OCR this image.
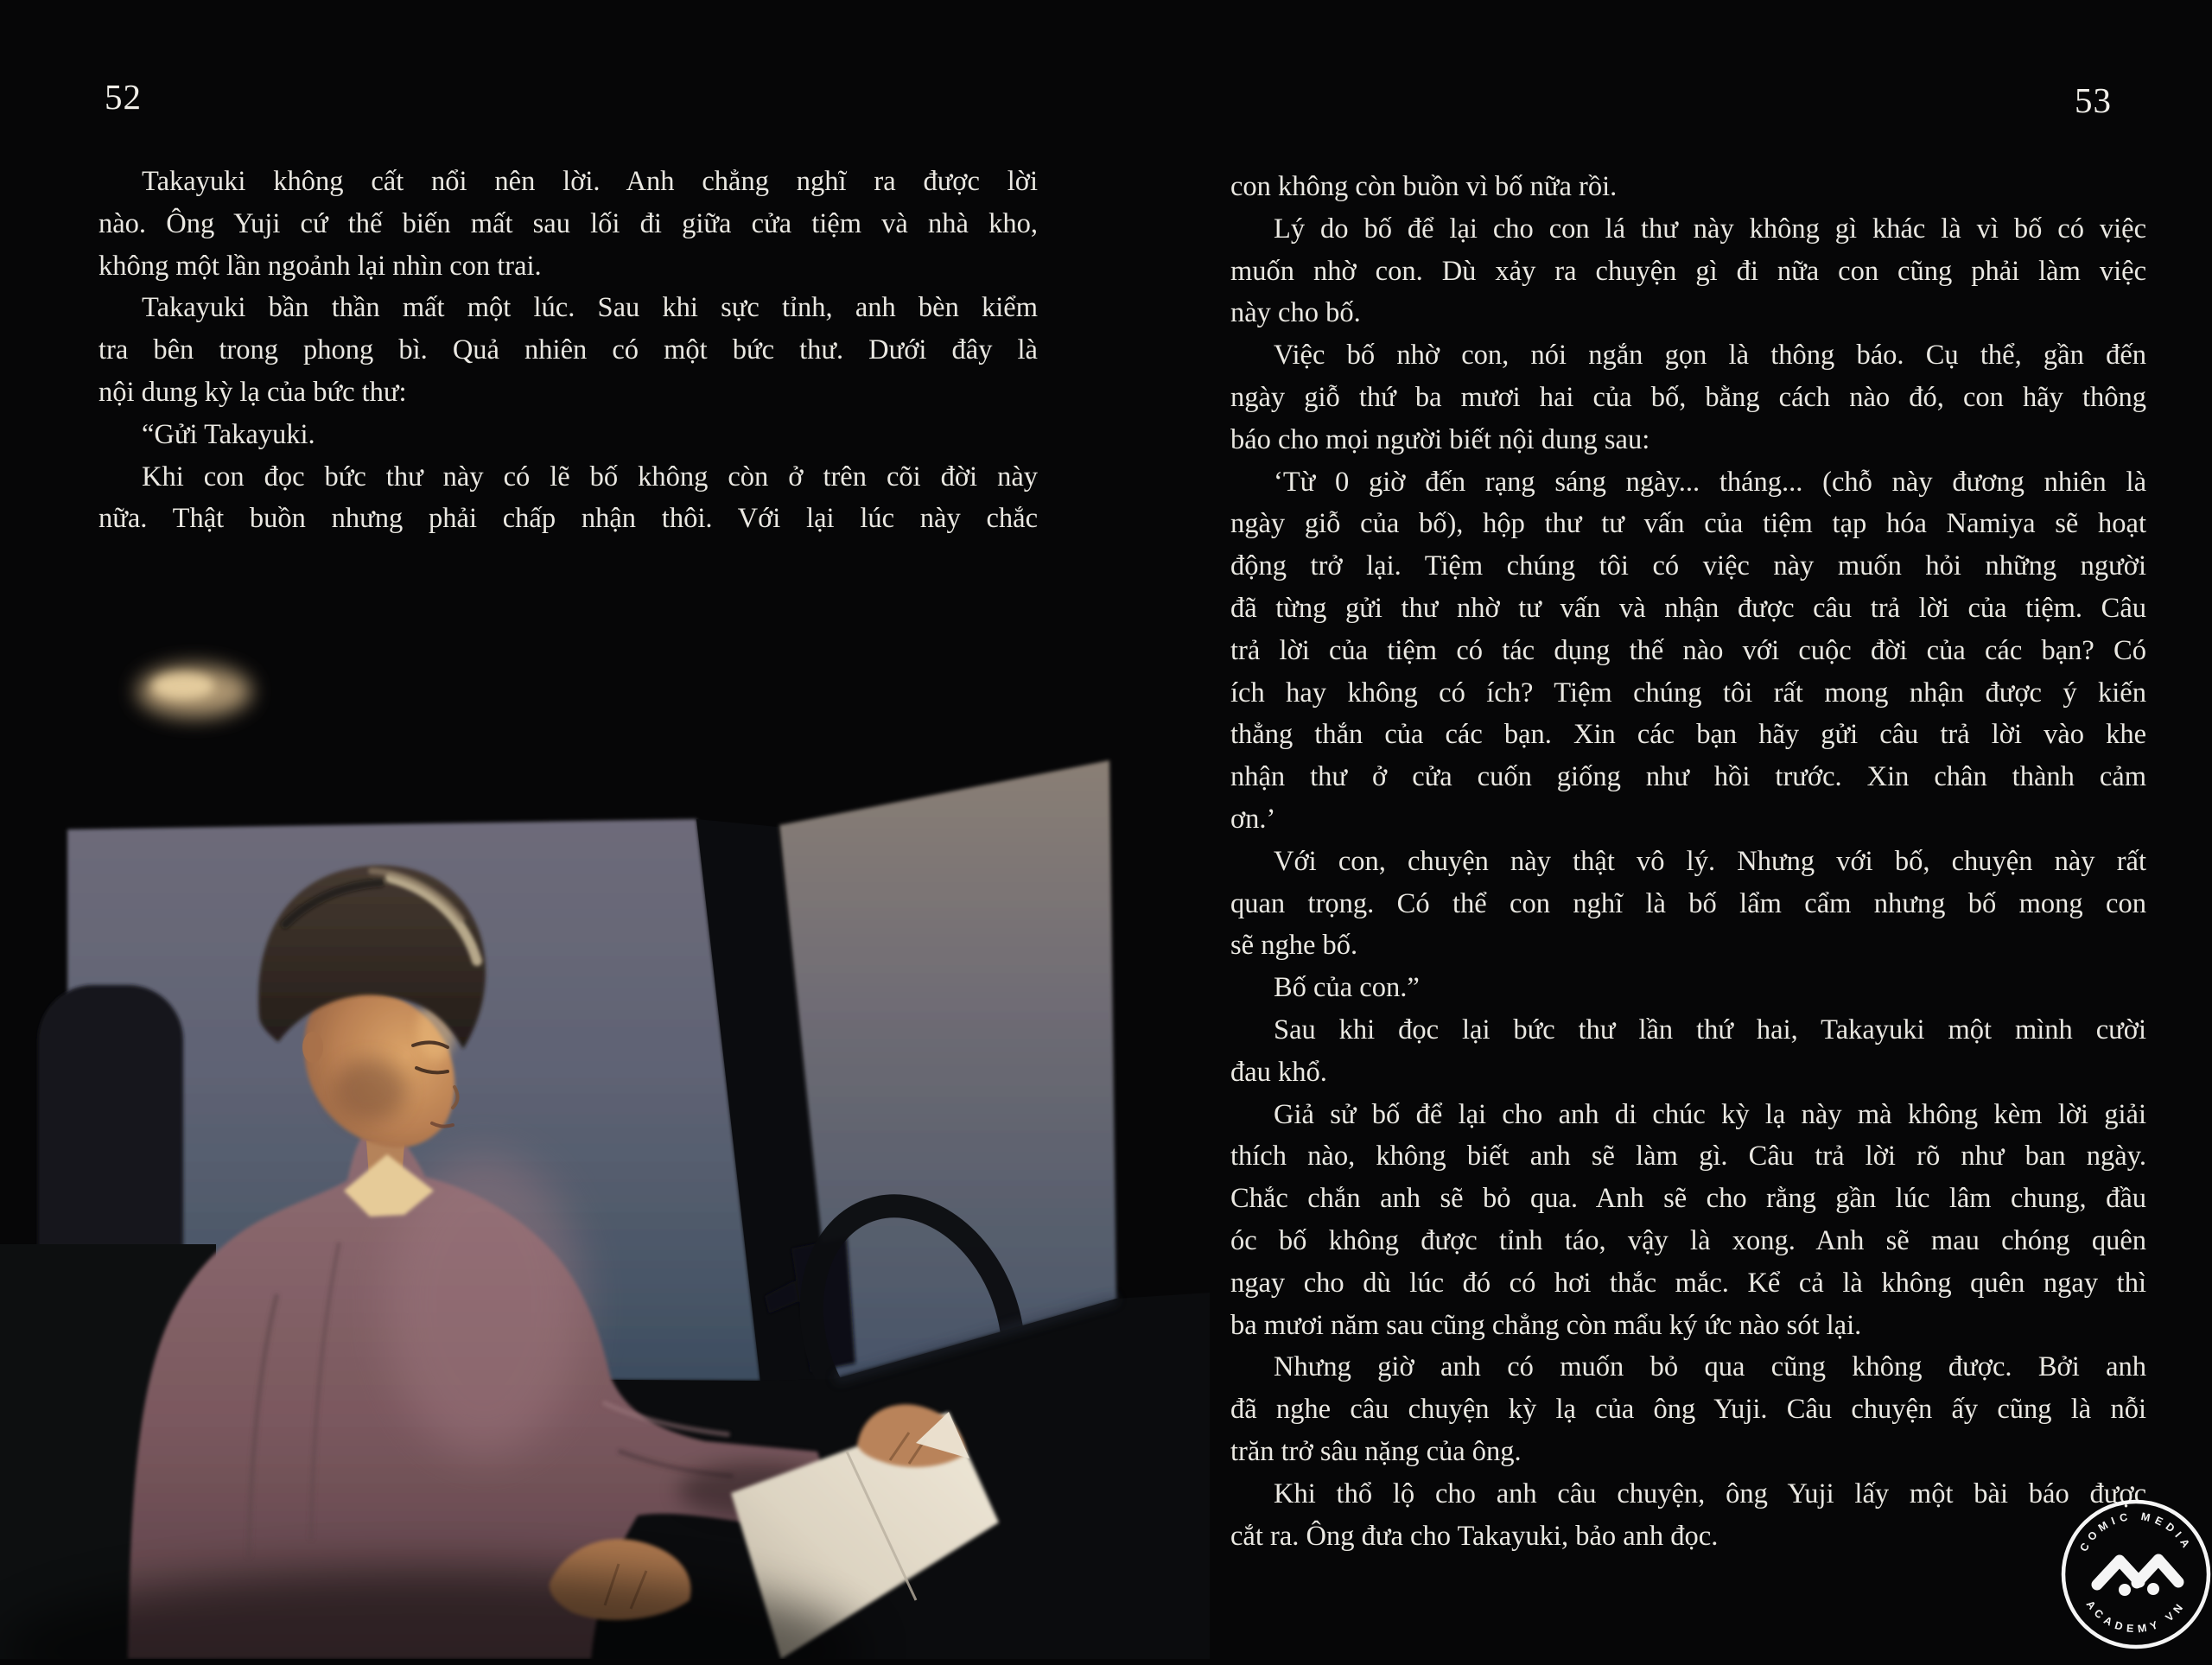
52
Takayuki không cất nổi nên lời. Anh chẳng nghĩ ra được lời
nào. Ông Yuji cứ thế biến mất sau lối đi giữa cửa tiệm và nhà kho,
không một lần ngoảnh lại nhìn con trai.
Takayuki bần thần mất một lúc. Sau khi sực tỉnh, anh bèn kiểm
tra bên trong phong bì. Quả nhiên có một bức thư. Dưới đây là
nội dung kỳ lạ của bức thư:
“Gửi Takayuki.
Khi con đọc bức thư này có lẽ bố không còn ở trên cõi đời này
nữa. Thật buồn nhưng phải chấp nhận thôi. Với lại lúc này chắc
53
con không còn buồn vì bố nữa rồi.
Lý do bố để lại cho con lá thư này không gì khác là vì bố có việc
muốn nhờ con. Dù xảy ra chuyện gì đi nữa con cũng phải làm việc
này cho bố.
Việc bố nhờ con, nói ngắn gọn là thông báo. Cụ thể, gần đến
ngày giỗ thứ ba mươi hai của bố, bằng cách nào đó, con hãy thông
báo cho mọi người biết nội dung sau:
‘Từ 0 giờ đến rạng sáng ngày... tháng... (chỗ này đương nhiên là
ngày giỗ của bố), hộp thư tư vấn của tiệm tạp hóa Namiya sẽ hoạt
động trở lại. Tiệm chúng tôi có việc này muốn hỏi những người
đã từng gửi thư nhờ tư vấn và nhận được câu trả lời của tiệm. Câu
trả lời của tiệm có tác dụng thế nào với cuộc đời của các bạn? Có
ích hay không có ích? Tiệm chúng tôi rất mong nhận được ý kiến
thẳng thắn của các bạn. Xin các bạn hãy gửi câu trả lời vào khe
nhận thư ở cửa cuốn giống như hồi trước. Xin chân thành cảm
ơn.’
Với con, chuyện này thật vô lý. Nhưng với bố, chuyện này rất
quan trọng. Có thể con nghĩ là bố lẩm cẩm nhưng bố mong con
sẽ nghe bố.
Bố của con.”
Sau khi đọc lại bức thư lần thứ hai, Takayuki một mình cười
đau khổ.
Giả sử bố để lại cho anh di chúc kỳ lạ này mà không kèm lời giải
thích nào, không biết anh sẽ làm gì. Câu trả lời rõ như ban ngày.
Chắc chắn anh sẽ bỏ qua. Anh sẽ cho rằng gần lúc lâm chung, đầu
óc bố không được tỉnh táo, vậy là xong. Anh sẽ mau chóng quên
ngay cho dù lúc đó có hơi thắc mắc. Kể cả là không quên ngay thì
ba mươi năm sau cũng chẳng còn mẩu ký ức nào sót lại.
Nhưng giờ anh có muốn bỏ qua cũng không được. Bởi anh
đã nghe câu chuyện kỳ lạ của ông Yuji. Câu chuyện ấy cũng là nỗi
trăn trở sâu nặng của ông.
Khi thổ lộ cho anh câu chuyện, ông Yuji lấy một bài báo được
cắt ra. Ông đưa cho Takayuki, bảo anh đọc.	COMIC MEDIA
ACADEMY VN
